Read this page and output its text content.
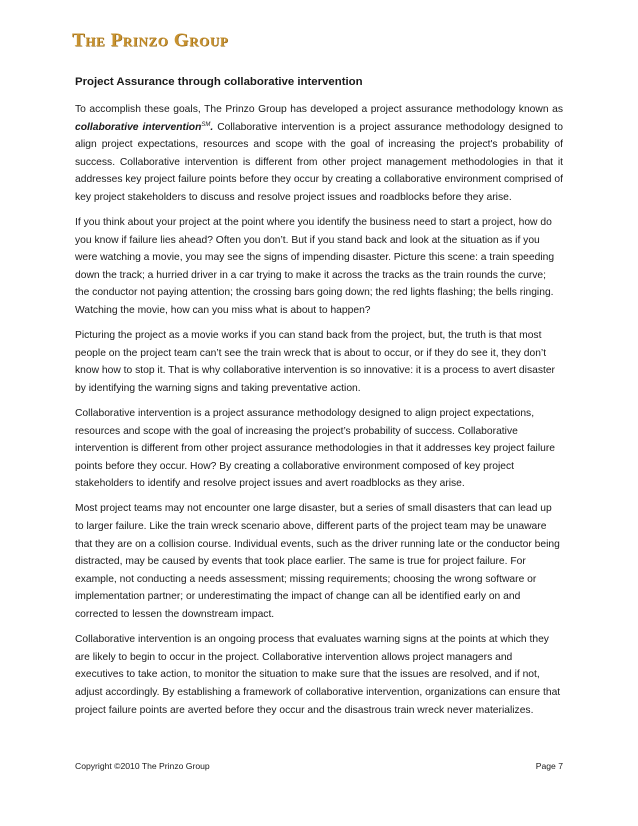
The Prinzo Group
Project Assurance through collaborative intervention

To accomplish these goals, The Prinzo Group has developed a project assurance methodology known as collaborative intervention℠. Collaborative intervention is a project assurance methodology designed to align project expectations, resources and scope with the goal of increasing the project's probability of success. Collaborative intervention is different from other project management methodologies in that it addresses key project failure points before they occur by creating a collaborative environment comprised of key project stakeholders to discuss and resolve project issues and roadblocks before they arise.

If you think about your project at the point where you identify the business need to start a project, how do you know if failure lies ahead? Often you don’t. But if you stand back and look at the situation as if you were watching a movie, you may see the signs of impending disaster. Picture this scene: a train speeding down the track; a hurried driver in a car trying to make it across the tracks as the train rounds the curve; the conductor not paying attention; the crossing bars going down; the red lights flashing; the bells ringing. Watching the movie, how can you miss what is about to happen?

Picturing the project as a movie works if you can stand back from the project, but, the truth is that most people on the project team can’t see the train wreck that is about to occur, or if they do see it, they don’t know how to stop it. That is why collaborative intervention is so innovative: it is a process to avert disaster by identifying the warning signs and taking preventative action.

Collaborative intervention is a project assurance methodology designed to align project expectations, resources and scope with the goal of increasing the project’s probability of success. Collaborative intervention is different from other project assurance methodologies in that it addresses key project failure points before they occur. How? By creating a collaborative environment composed of key project stakeholders to identify and resolve project issues and avert roadblocks as they arise.

Most project teams may not encounter one large disaster, but a series of small disasters that can lead up to larger failure. Like the train wreck scenario above, different parts of the project team may be unaware that they are on a collision course. Individual events, such as the driver running late or the conductor being distracted, may be caused by events that took place earlier. The same is true for project failure. For example, not conducting a needs assessment; missing requirements; choosing the wrong software or implementation partner; or underestimating the impact of change can all be identified early on and corrected to lessen the downstream impact.

Collaborative intervention is an ongoing process that evaluates warning signs at the points at which they are likely to begin to occur in the project. Collaborative intervention allows project managers and executives to take action, to monitor the situation to make sure that the issues are resolved, and if not, adjust accordingly. By establishing a framework of collaborative intervention, organizations can ensure that project failure points are averted before they occur and the disastrous train wreck never materializes.

Copyright ©2010 The Prinzo Group	Page 7
